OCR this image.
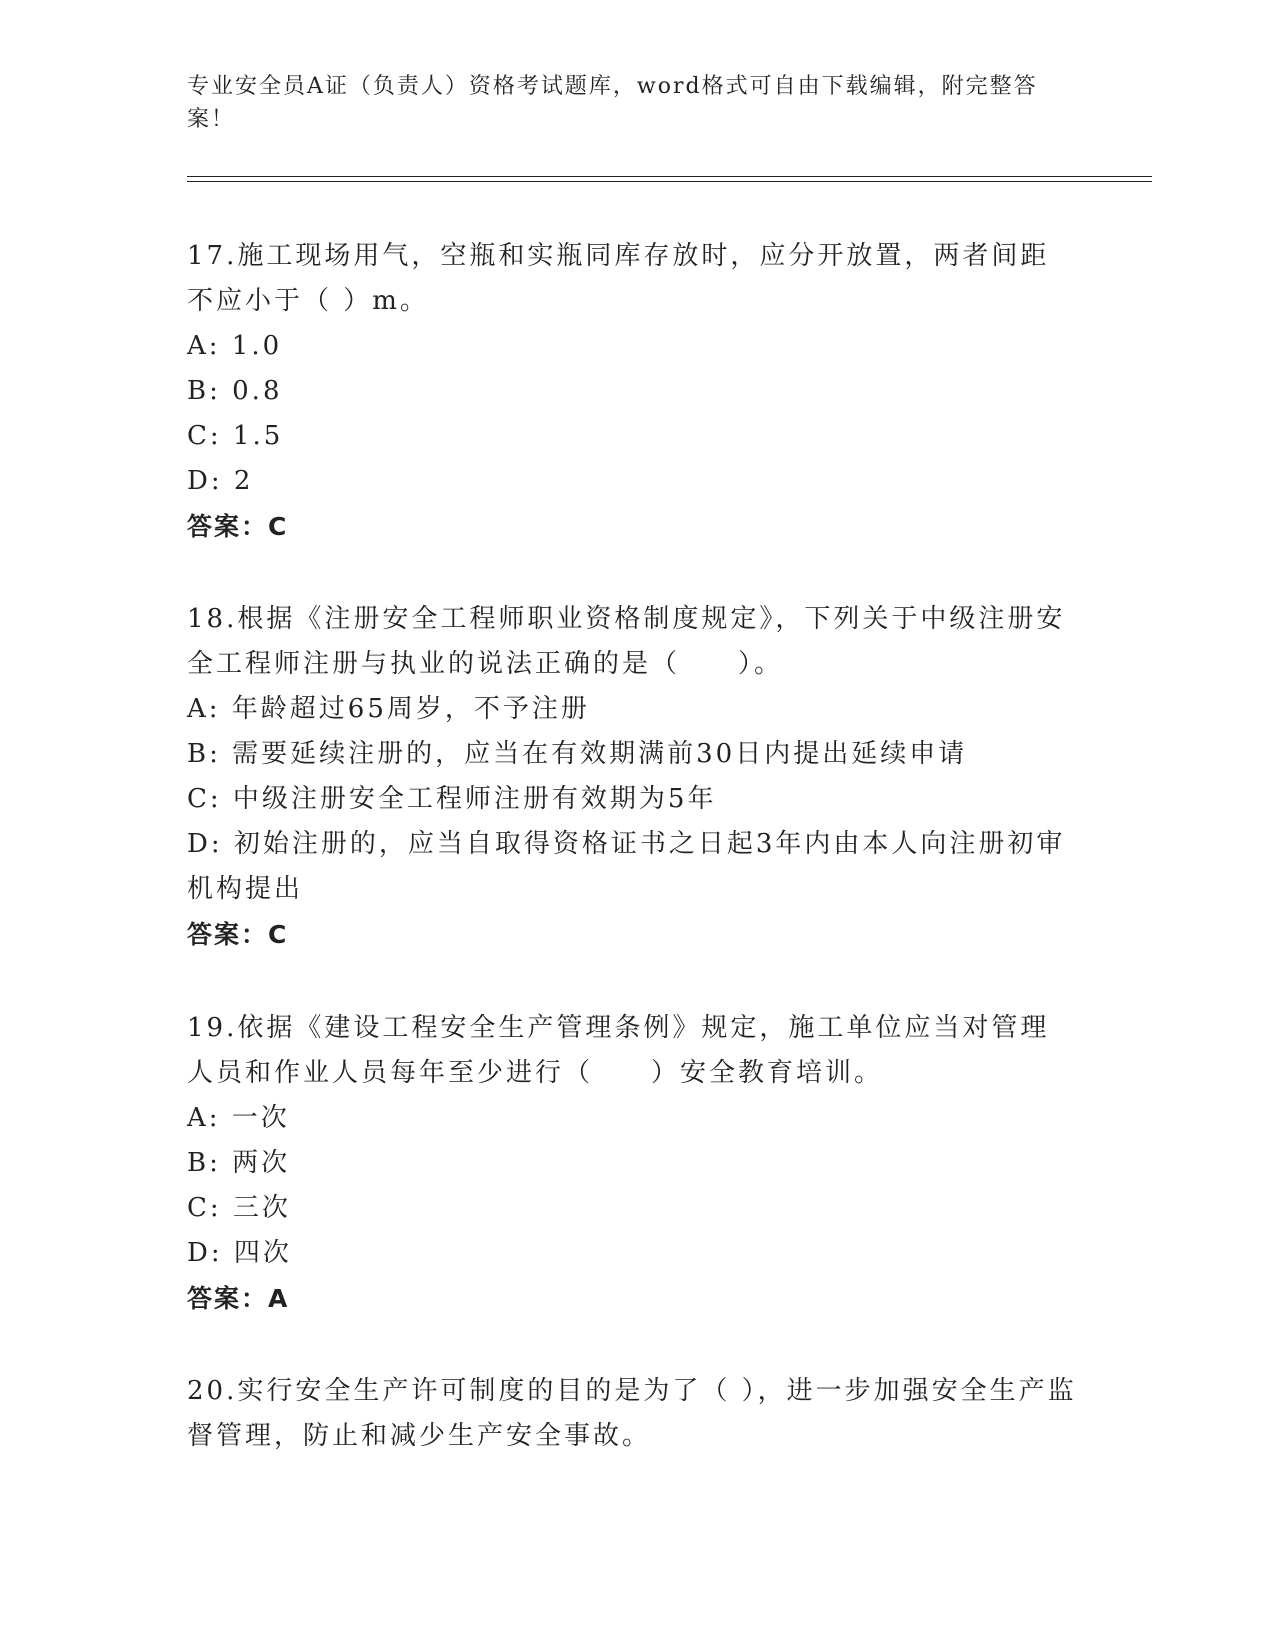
专业安全员A证（负责人）资格考试题库，word格式可自由下载编辑，附完整答案！

17.施工现场用气，空瓶和实瓶同库存放时，应分开放置，两者间距不应小于（ ）m。

A: 1.0

B: 0.8

C: 1.5

D: 2

答案：C

18.根据《注册安全工程师职业资格制度规定》，下列关于中级注册安全工程师注册与执业的说法正确的是（　　）。

A: 年龄超过65周岁，不予注册

B: 需要延续注册的，应当在有效期满前30日内提出延续申请

C: 中级注册安全工程师注册有效期为5年

D: 初始注册的，应当自取得资格证书之日起3年内由本人向注册初审机构提出

答案：C

19.依据《建设工程安全生产管理条例》规定，施工单位应当对管理人员和作业人员每年至少进行（　　）安全教育培训。

A: 一次

B: 两次

C: 三次

D: 四次

答案：A

20.实行安全生产许可制度的目的是为了（ ），进一步加强安全生产监督管理，防止和减少生产安全事故。
